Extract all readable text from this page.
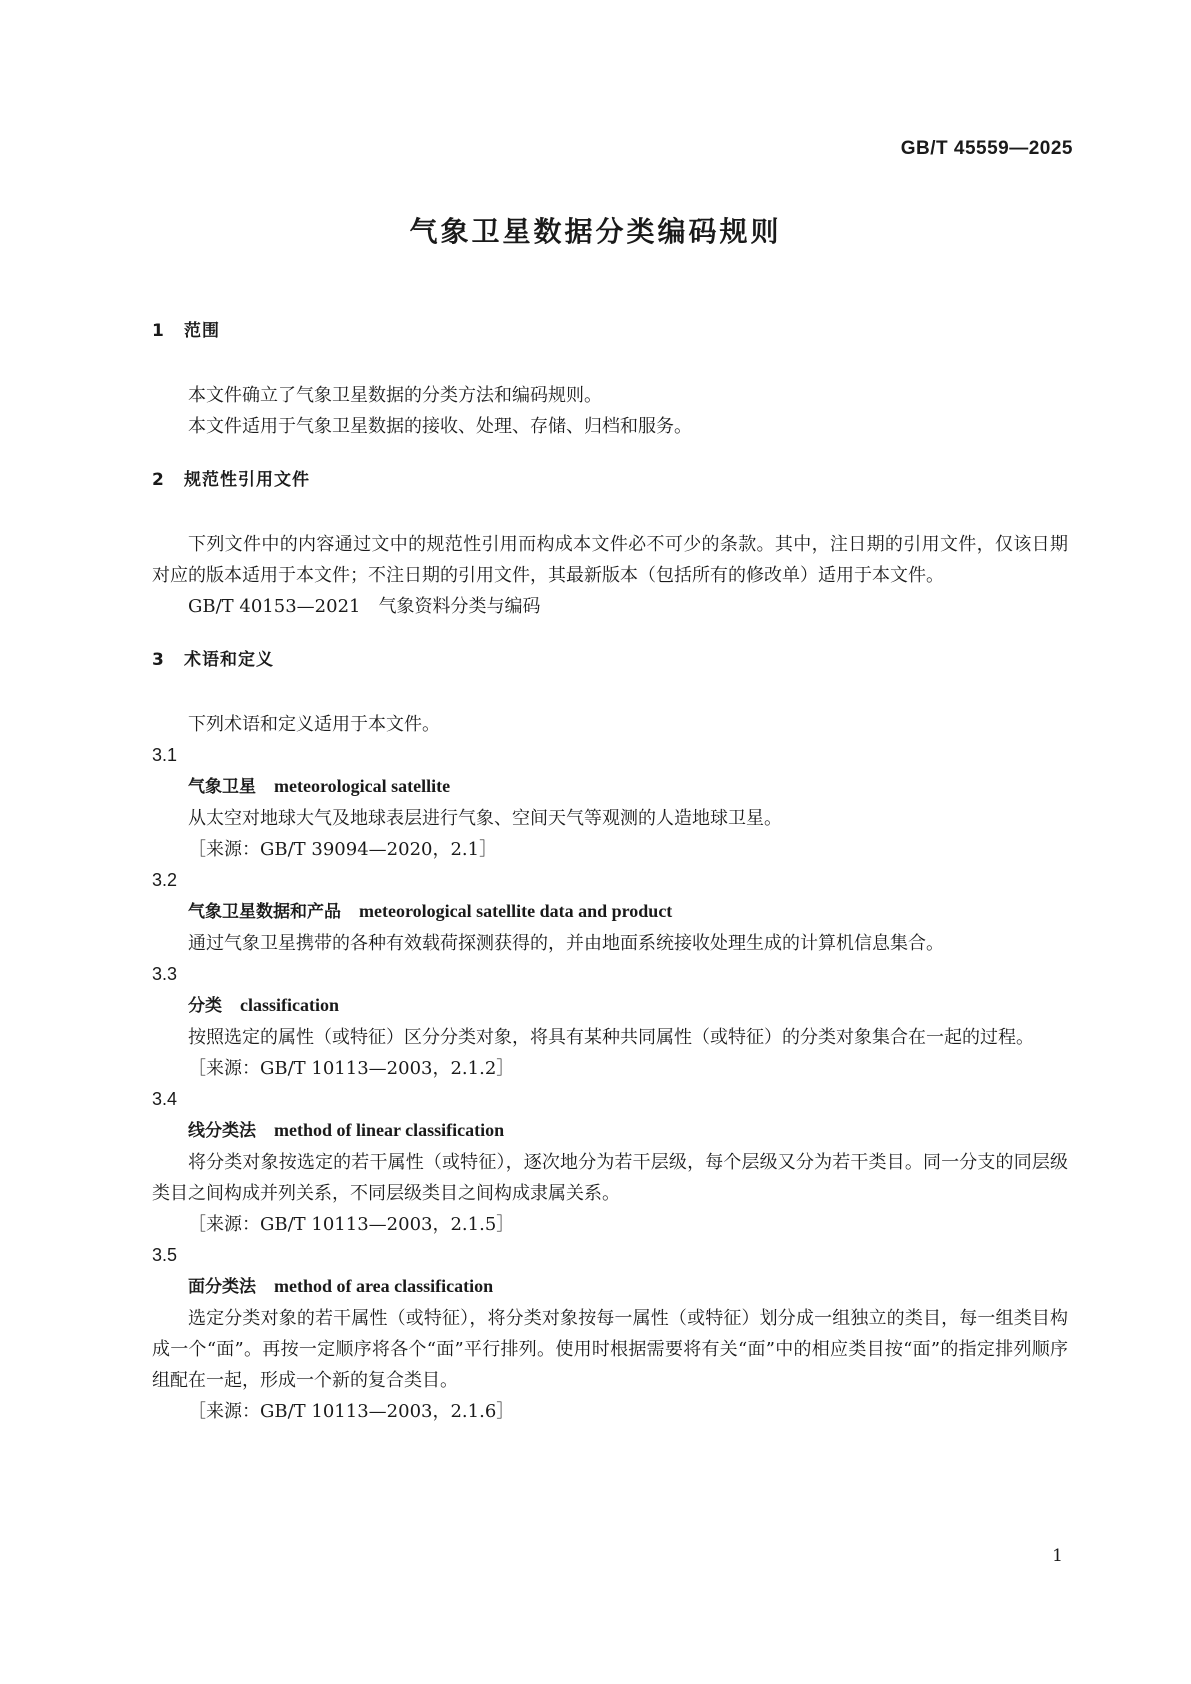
GB/T 45559—2025
气象卫星数据分类编码规则

1 范围

本文件确立了气象卫星数据的分类方法和编码规则。

本文件适用于气象卫星数据的接收、处理、存储、归档和服务。

2 规范性引用文件

下列文件中的内容通过文中的规范性引用而构成本文件必不可少的条款。其中，注日期的引用文件，仅该日期对应的版本适用于本文件；不注日期的引用文件，其最新版本（包括所有的修改单）适用于本文件。

GB/T 40153—2021　气象资料分类与编码

3 术语和定义

下列术语和定义适用于本文件。

3.1

气象卫星 meteorological satellite

从太空对地球大气及地球表层进行气象、空间天气等观测的人造地球卫星。

［来源：GB/T 39094—2020，2.1］

3.2

气象卫星数据和产品 meteorological satellite data and product

通过气象卫星携带的各种有效载荷探测获得的，并由地面系统接收处理生成的计算机信息集合。

3.3

分类 classification

按照选定的属性（或特征）区分分类对象，将具有某种共同属性（或特征）的分类对象集合在一起的过程。

［来源：GB/T 10113—2003，2.1.2］

3.4

线分类法 method of linear classification

将分类对象按选定的若干属性（或特征），逐次地分为若干层级，每个层级又分为若干类目。同一分支的同层级类目之间构成并列关系，不同层级类目之间构成隶属关系。

［来源：GB/T 10113—2003，2.1.5］

3.5

面分类法 method of area classification

选定分类对象的若干属性（或特征），将分类对象按每一属性（或特征）划分成一组独立的类目，每一组类目构成一个“面”。再按一定顺序将各个“面”平行排列。使用时根据需要将有关“面”中的相应类目按“面”的指定排列顺序组配在一起，形成一个新的复合类目。

［来源：GB/T 10113—2003，2.1.6］

1
